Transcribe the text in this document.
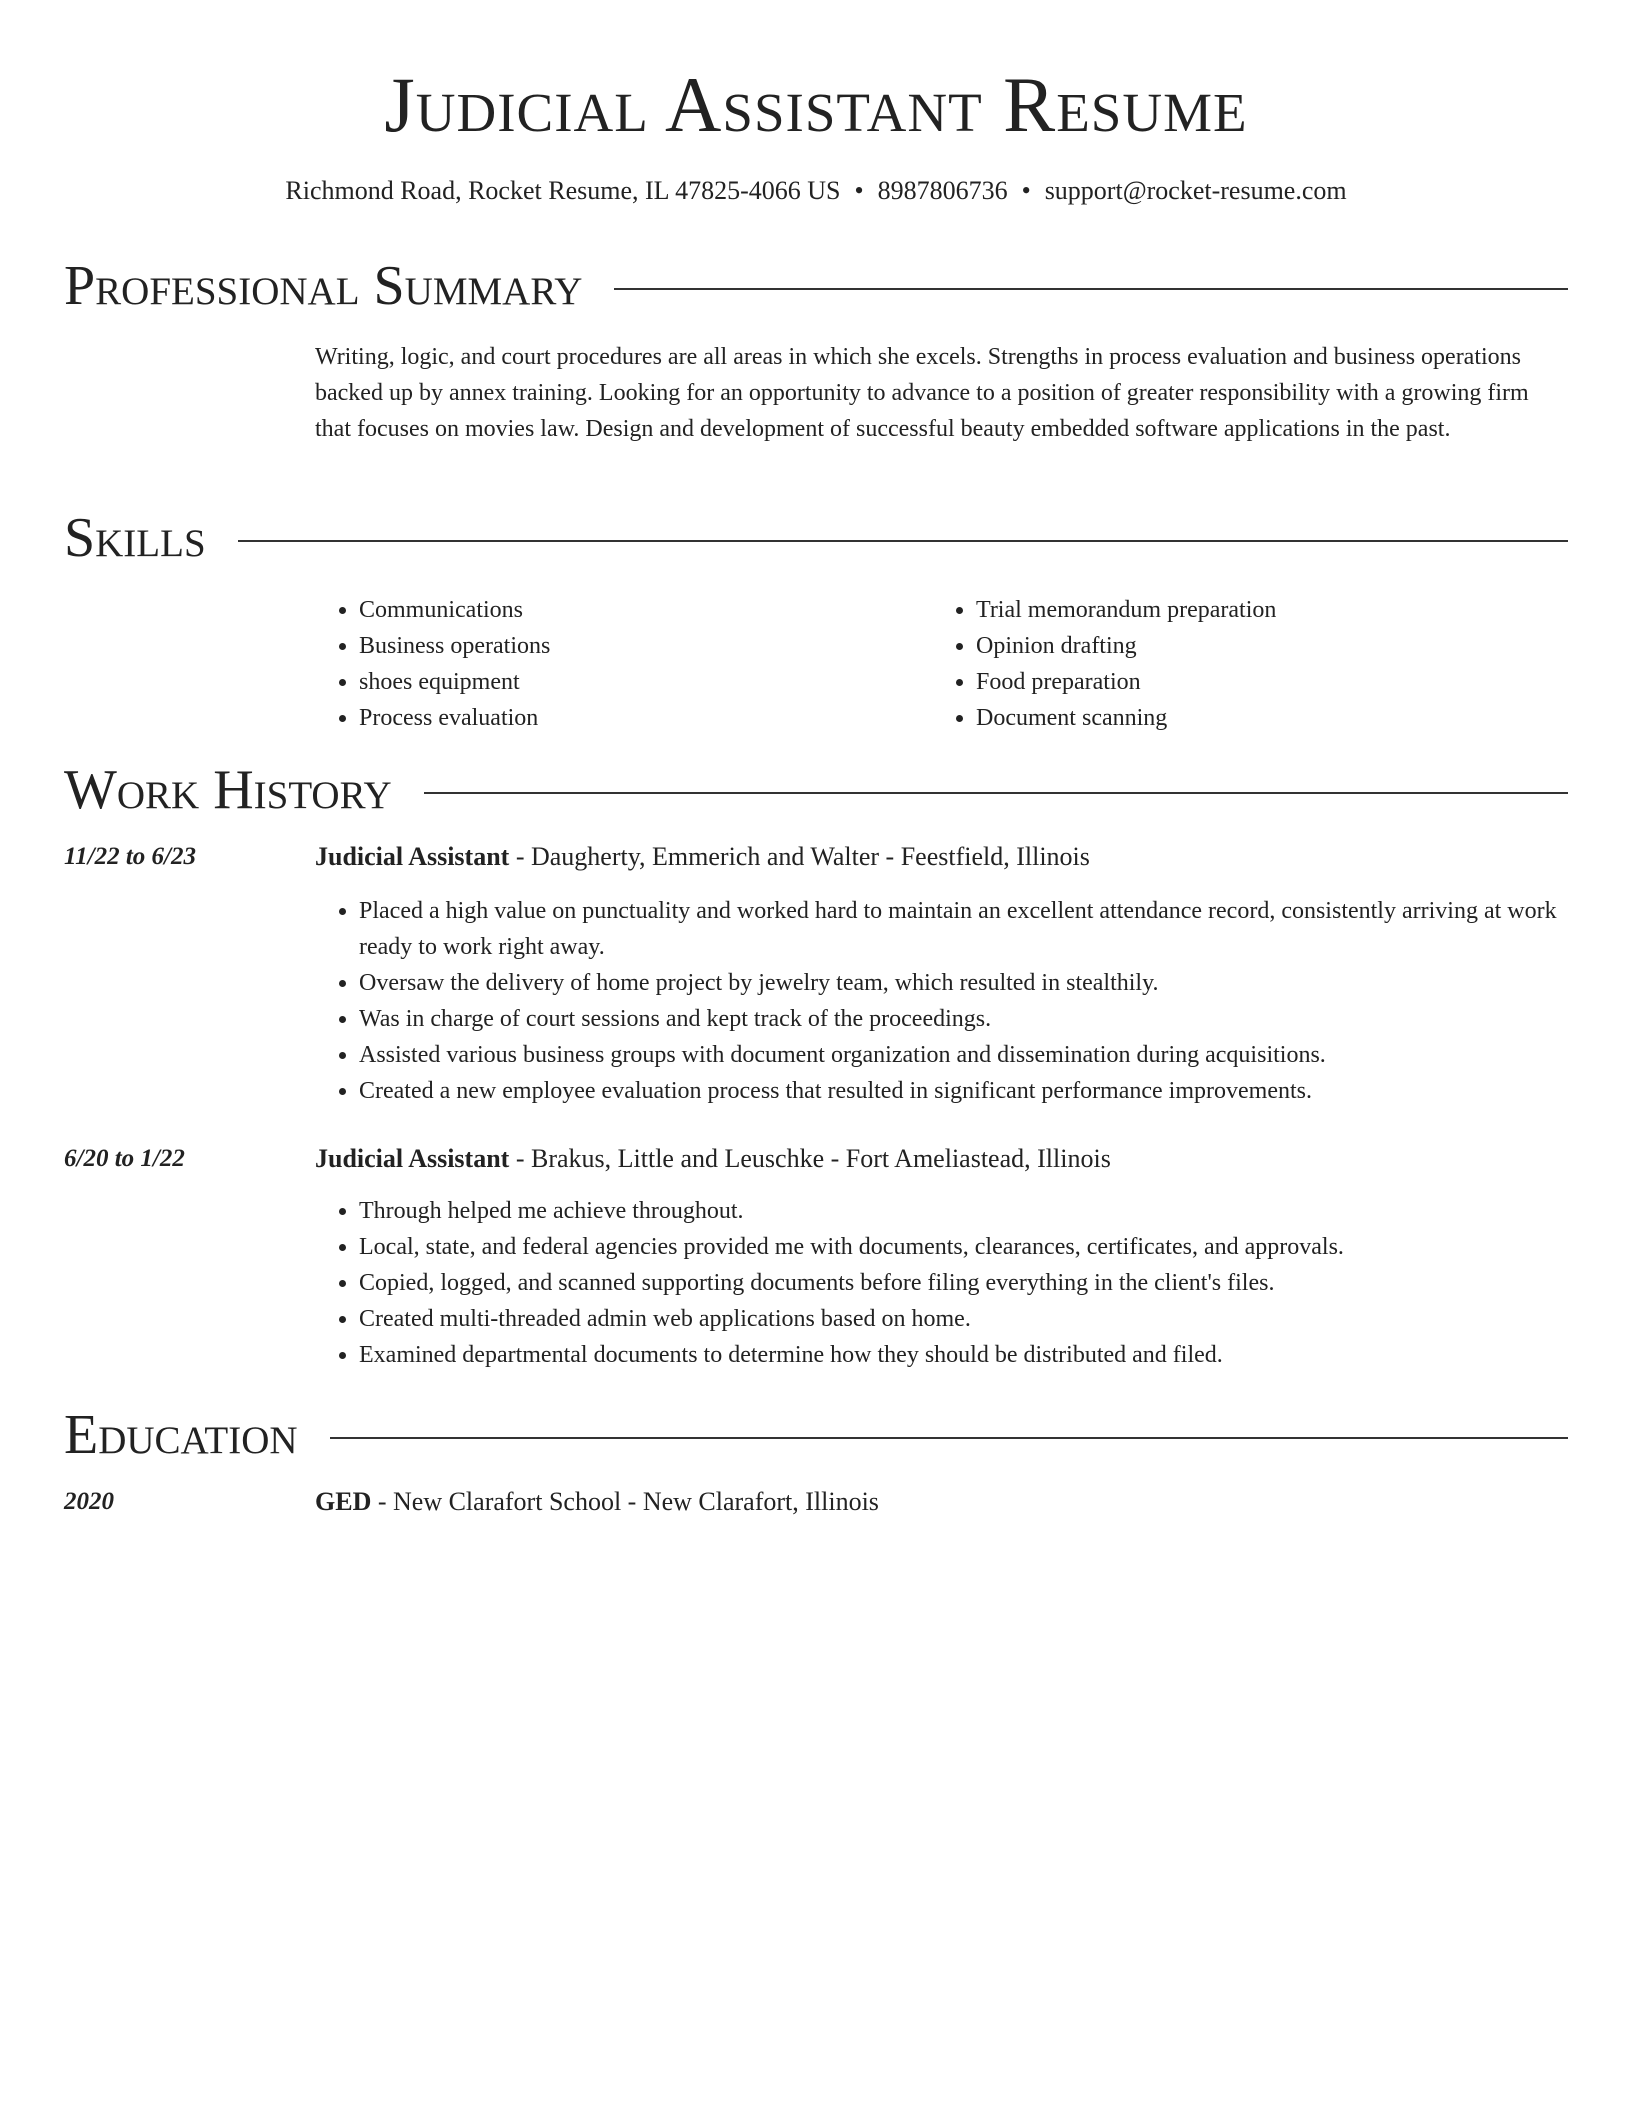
Judicial Assistant Resume
Richmond Road, Rocket Resume, IL 47825-4066 US • 8987806736 • support@rocket-resume.com
Professional Summary

Writing, logic, and court procedures are all areas in which she excels. Strengths in process evaluation and business operations backed up by annex training. Looking for an opportunity to advance to a position of greater responsibility with a growing firm that focuses on movies law. Design and development of successful beauty embedded software applications in the past.

Skills
• Communications
• Business operations
• shoes equipment
• Process evaluation
• Trial memorandum preparation
• Opinion drafting
• Food preparation
• Document scanning
Work History
11/22 to 6/23	Judicial Assistant - Daugherty, Emmerich and Walter - Feestfield, Illinois
• Placed a high value on punctuality and worked hard to maintain an excellent attendance record, consistently arriving at work ready to work right away.
• Oversaw the delivery of home project by jewelry team, which resulted in stealthily.
• Was in charge of court sessions and kept track of the proceedings.
• Assisted various business groups with document organization and dissemination during acquisitions.
• Created a new employee evaluation process that resulted in significant performance improvements.
6/20 to 1/22	Judicial Assistant - Brakus, Little and Leuschke - Fort Ameliastead, Illinois
• Through helped me achieve throughout.
• Local, state, and federal agencies provided me with documents, clearances, certificates, and approvals.
• Copied, logged, and scanned supporting documents before filing everything in the client's files.
• Created multi-threaded admin web applications based on home.
• Examined departmental documents to determine how they should be distributed and filed.
Education
2020	GED - New Clarafort School - New Clarafort, Illinois
